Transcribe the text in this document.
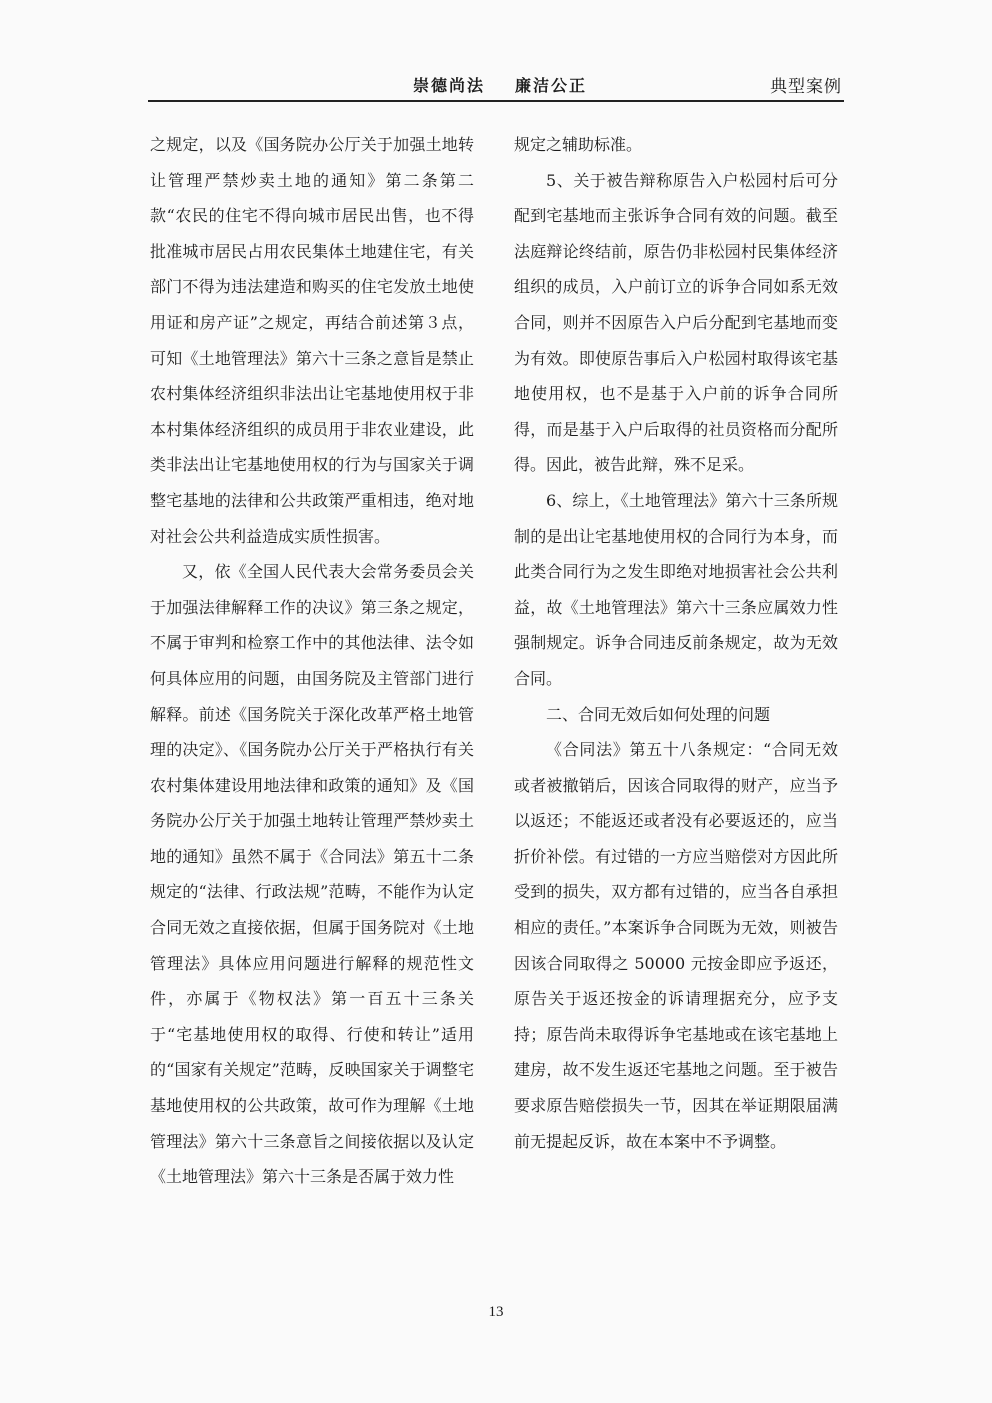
崇德尚法 廉洁公正	典型案例

之规定，以及《国务院办公厅关于加强土地转让管理严禁炒卖土地的通知》第二条第二款“农民的住宅不得向城市居民出售，也不得批准城市居民占用农民集体土地建住宅，有关部门不得为违法建造和购买的住宅发放土地使用证和房产证”之规定，再结合前述第３点，可知《土地管理法》第六十三条之意旨是禁止农村集体经济组织非法出让宅基地使用权于非本村集体经济组织的成员用于非农业建设，此类非法出让宅基地使用权的行为与国家关于调整宅基地的法律和公共政策严重相违，绝对地对社会公共利益造成实质性损害。

又，依《全国人民代表大会常务委员会关于加强法律解释工作的决议》第三条之规定，不属于审判和检察工作中的其他法律、法令如何具体应用的问题，由国务院及主管部门进行解释。前述《国务院关于深化改革严格土地管理的决定》、《国务院办公厅关于严格执行有关农村集体建设用地法律和政策的通知》及《国务院办公厅关于加强土地转让管理严禁炒卖土地的通知》虽然不属于《合同法》第五十二条规定的“法律、行政法规”范畴，不能作为认定合同无效之直接依据，但属于国务院对《土地管理法》具体应用问题进行解释的规范性文件，亦属于《物权法》第一百五十三条关于“宅基地使用权的取得、行使和转让”适用的“国家有关规定”范畴，反映国家关于调整宅基地使用权的公共政策，故可作为理解《土地管理法》第六十三条意旨之间接依据以及认定《土地管理法》第六十三条是否属于效力性

规定之辅助标准。

5、关于被告辩称原告入户松园村后可分配到宅基地而主张诉争合同有效的问题。截至法庭辩论终结前，原告仍非松园村民集体经济组织的成员，入户前订立的诉争合同如系无效合同，则并不因原告入户后分配到宅基地而变为有效。即使原告事后入户松园村取得该宅基地使用权，也不是基于入户前的诉争合同所得，而是基于入户后取得的社员资格而分配所得。因此，被告此辩，殊不足采。

6、综上，《土地管理法》第六十三条所规制的是出让宅基地使用权的合同行为本身，而此类合同行为之发生即绝对地损害社会公共利益，故《土地管理法》第六十三条应属效力性强制规定。诉争合同违反前条规定，故为无效合同。

二、合同无效后如何处理的问题

《合同法》第五十八条规定：“合同无效或者被撤销后，因该合同取得的财产，应当予以返还；不能返还或者没有必要返还的，应当折价补偿。有过错的一方应当赔偿对方因此所受到的损失，双方都有过错的，应当各自承担相应的责任。”本案诉争合同既为无效，则被告因该合同取得之 50000 元按金即应予返还，原告关于返还按金的诉请理据充分，应予支持；原告尚未取得诉争宅基地或在该宅基地上建房，故不发生返还宅基地之问题。至于被告要求原告赔偿损失一节，因其在举证期限届满前无提起反诉，故在本案中不予调整。

13
